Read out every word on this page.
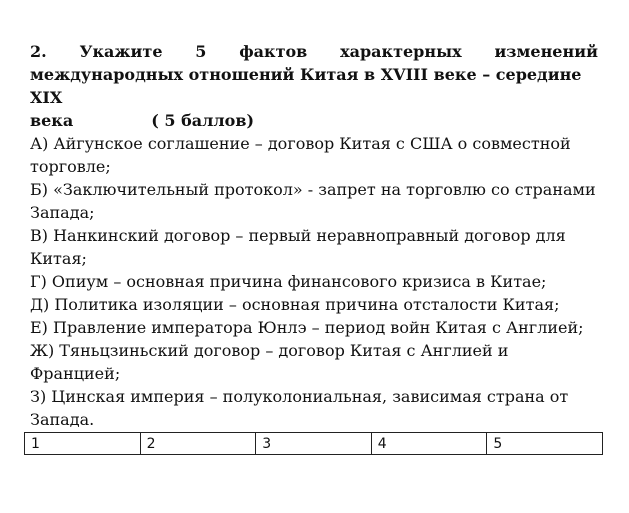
2. Укажите 5 фактов характерных изменений

международных отношений Китая в XVIII веке – середине XIX

века	( 5 баллов)

А) Айгунское соглашение – договор Китая с США о совместной торговле;
Б) «Заключительный протокол» - запрет на торговлю со странами Запада;
В) Нанкинский договор – первый неравноправный договор для Китая;
Г) Опиум – основная причина финансового кризиса в Китае;
Д) Политика изоляции – основная причина отсталости Китая;
Е) Правление императора Юнлэ – период войн Китая с Англией;
Ж) Тяньцзиньский договор – договор Китая с Англией и Францией;
З) Цинская империя – полуколониальная, зависимая страна от Запада.
1	2	3	4	5
